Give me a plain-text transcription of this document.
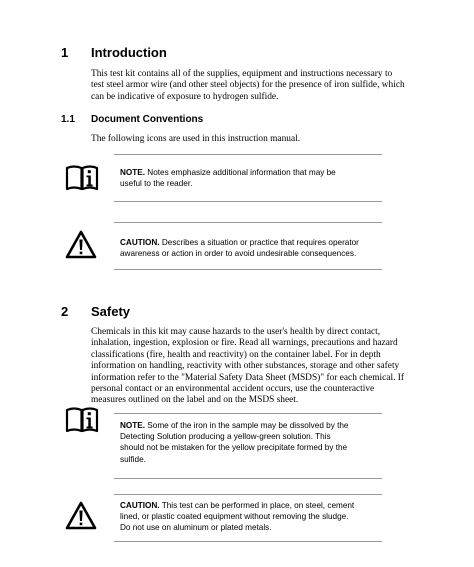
1 Introduction
This test kit contains all of the supplies, equipment and instructions necessary to
test steel armor wire (and other steel objects) for the presence of iron sulfide, which
can be indicative of exposure to hydrogen sulfide.
1.1 Document Conventions
The following icons are used in this instruction manual.
NOTE. Notes emphasize additional information that may be
useful to the reader.
CAUTION. Describes a situation or practice that requires operator
awareness or action in order to avoid undesirable consequences.
2 Safety
Chemicals in this kit may cause hazards to the user's health by direct contact,
inhalation, ingestion, explosion or fire. Read all warnings, precautions and hazard
classifications (fire, health and reactivity) on the container label. For in depth
information on handling, reactivity with other substances, storage and other safety
information refer to the "Material Safety Data Sheet (MSDS)" for each chemical. If
personal contact or an environmental accident occurs, use the counteractive
measures outlined on the label and on the MSDS sheet.
NOTE. Some of the iron in the sample may be dissolved by the
Detecting Solution producing a yellow-green solution. This
should not be mistaken for the yellow precipitate formed by the
sulfide.
CAUTION. This test can be performed in place, on steel, cement
lined, or plastic coated equipment without removing the sludge.
Do not use on aluminum or plated metals.
